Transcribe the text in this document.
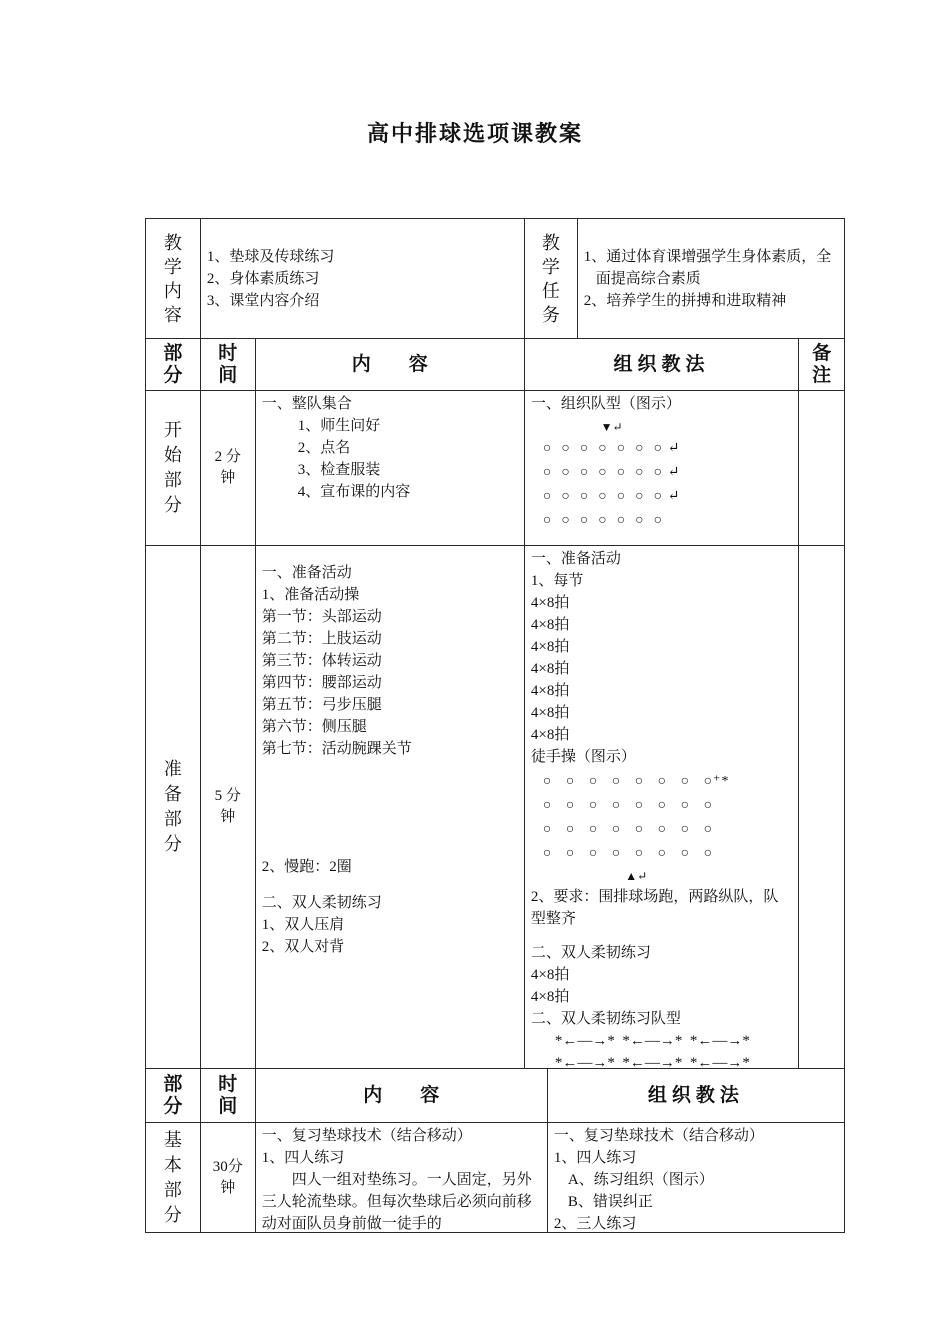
高中排球选项课教案
教学内容
1、垫球及传球练习
2、身体素质练习
3、课堂内容介绍
教学任务
1、通过体育课增强学生身体素质，全面提高综合素质
2、培养学生的拼搏和进取精神
部分
时间
内　　容	组织教法
备注
开始部分
2 分钟
一、整队集合
1、师生问好
2、点名
3、检查服装
4、宣布课的内容
一、组织队型（图示）
▼↵
○  ○  ○  ○  ○  ○  ○ ↵
○  ○  ○  ○  ○  ○  ○ ↵
○  ○  ○  ○  ○  ○  ○ ↵
○  ○  ○  ○  ○  ○  ○
准备部分
5 分钟
一、准备活动
1、准备活动操
第一节：头部运动
第二节：上肢运动
第三节：体转运动
第四节：腰部运动
第五节：弓步压腿
第六节：侧压腿
第七节：活动腕踝关节
2、慢跑：2圈
二、双人柔韧练习
1、双人压肩
2、双人对背
一、准备活动
1、每节
4×8拍
4×8拍
4×8拍
4×8拍
4×8拍
4×8拍
4×8拍
徒手操（图示）
○   ○   ○   ○   ○   ○   ○   ○⁺*
○   ○   ○   ○   ○   ○   ○   ○
○   ○   ○   ○   ○   ○   ○   ○
○   ○   ○   ○   ○   ○   ○   ○
▲↵
2、要求：围排球场跑，两路纵队，队型整齐
二、双人柔韧练习
4×8拍
4×8拍
二、双人柔韧练习队型
*←—→*  *←—→*  *←—→*
*←—→*  *←—→*  *←—→*
部分
时间
内　　容	组织教法
基本部分
30分钟
一、复习垫球技术（结合移动）
1、四人练习
四人一组对垫练习。一人固定，另外三人轮流垫球。但每次垫球后必须向前移动对面队员身前做一徒手的
一、复习垫球技术（结合移动）
1、四人练习
A、练习组织（图示）
B、错误纠正
2、三人练习
